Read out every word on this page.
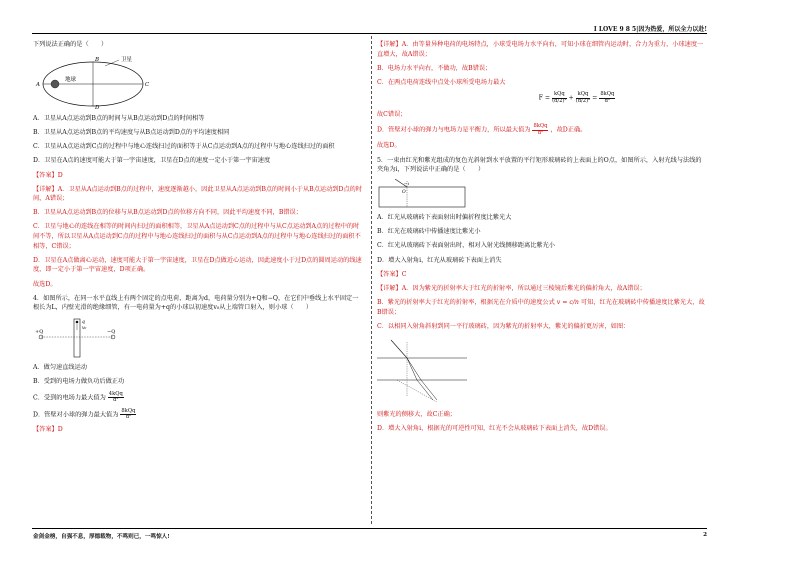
I LOVE 9 8 5|因为热爱，所以全力以赴!

下列说法正确的是（　　）

地球
卫星
A
B
C
D

A．卫星从A点运动到B点的时间与从B点运动到D点的时间相等

B．卫星从A点运动到B点的平均速度与从B点运动到D点的平均速度相同

C．卫星从A点运动到C点的过程中与地心连线扫过的面积等于从C点运动到A点的过程中与地心连线扫过的面积

D．卫星在A点的速度可能大于第一宇宙速度，卫星在D点的速度一定小于第一宇宙速度

【答案】D

【详解】A．卫星从A点运动到B点的过程中，速度逐渐越小，因此卫星从A点运动到B点的时间小于从B点运动到D点的时间，A错误；

B．卫星从A点运动到B点的位移与从B点运动到D点的位移方向不同，因此平均速度不同，B错误；

C．卫星与地心的连线在相等的时间内扫过的面积相等，卫星从A点运动到C点的过程中与从C点运动到A点的过程中的时间不等，所以卫星从A点运动到C点的过程中与地心连线扫过的面积与从C点运动到A点的过程中与地心连线扫过的面积不相等，C错误；

D．卫星在A点做离心运动，速度可能大于第一宇宙速度，卫星在D点做近心运动，因此速度小于过D点的圆周运动的线速度，即一定小于第一宇宙速度，D项正确。

故选D。

4．如图所示，在同一水平直线上有两个固定的点电荷，距离为d，电荷量分别为+Q和−Q，在它们中垂线上水平固定一根长为L，内壁光滑的绝缘细管，有一电荷量为+q的小球以初速度v₀从上端管口射入，则小球（　　）

+Q	−Q
q
v₀

A．做匀速直线运动

B．受到的电场力做负功后做正功

C．受到的电场力最大值为 $\frac{\text{4kQq}}{\text{d²}}$

D．管壁对小球的弹力最大值为 $\frac{\text{8kQq}}{\text{d²}}$

【答案】D

【详解】A．由等量异种电荷的电场特点，小球受电场力水平向右，可知小球在细管内运动时，合力为重力，小球速度一直增大，故A错误；

B．电场力水平向右，不做功，故B错误；

C．在两点电荷连线中点处小球所受电场力最大

$F = \frac{\text{kQq}}{\text{(d/2)²}} + \frac{\text{kQq}}{\text{(d/2)²}} = \frac{\text{8kQq}}{\text{d²}}$

故C错误；

D．管壁对小球的弹力与电场力是平衡力，所以最大值为 $\frac{\text{8kQq}}{\text{d²}}$ ，故D正确。

故选D。

5．一束由红光和紫光组成的复色光斜射到水平放置的平行矩形玻璃砖的上表面上的O点，如图所示，入射光线与法线的夹角为i，下列说法中正确的是（　　）

O
i

A．红光从玻璃砖下表面射出时偏折程度比紫光大

B．红光在玻璃砖中传播速度比紫光小

C．红光从玻璃砖下表面射出时，相对入射光线侧移距离比紫光小

D．增大入射角i，红光从玻璃砖下表面上消失

【答案】C

【详解】A．因为紫光的折射率大于红光的折射率，所以通过三棱镜后紫光的偏折角大，故A错误；

B．紫光的折射率大于红光的折射率，根据光在介质中的速度公式 v = c/n 可知，红光在玻璃砖中传播速度比紫光大，故B错误；

C．以相同入射角斜射到同一平行玻璃砖，因为紫光的折射率大，紫光的偏折更厉害，如图：

则紫光的侧移大，故C正确；

D．增大入射角i，根据光的可逆性可知，红光不会从玻璃砖下表面上消失，故D错误。

金剑金榜，自强不息，厚德载物，不鸣则已，一鸣惊人!	2
